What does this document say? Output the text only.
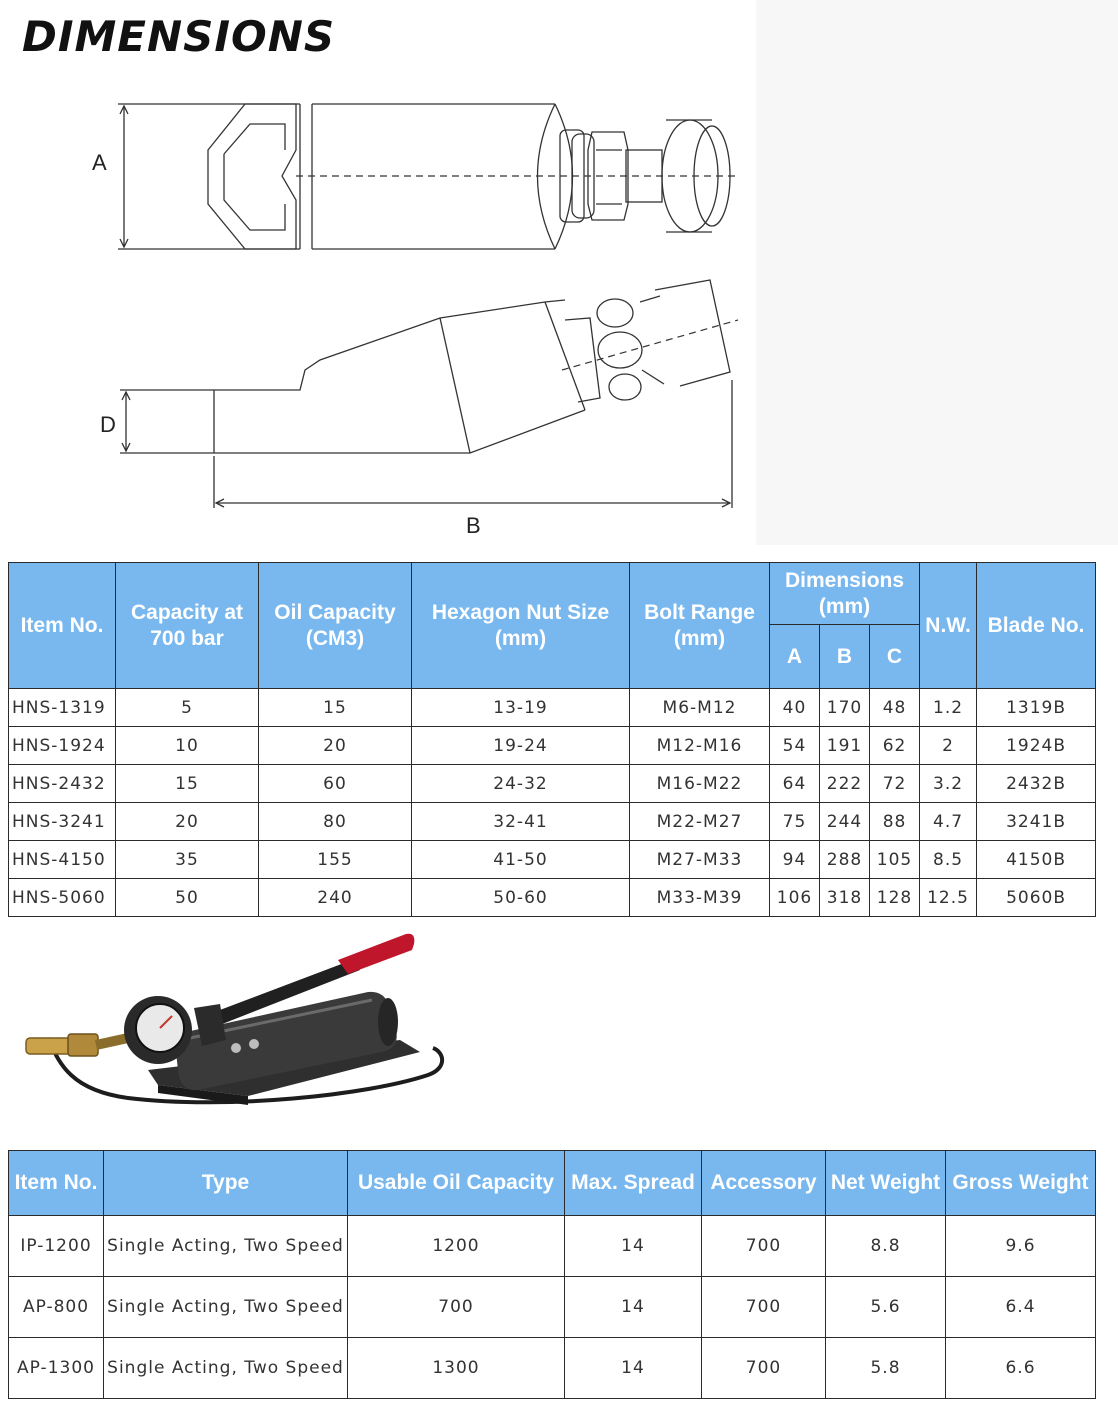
DIMENSIONS
A
D
B
Item No.	Capacity at 700 bar	Oil Capacity (CM3)	Hexagon Nut Size (mm)	Bolt Range (mm)	Dimensions (mm)			N.W.	Blade No.
					A	B	C		
HNS-1319	5	15	13-19	M6-M12	40	170	48	1.2	1319B
HNS-1924	10	20	19-24	M12-M16	54	191	62	2	1924B
HNS-2432	15	60	24-32	M16-M22	64	222	72	3.2	2432B
HNS-3241	20	80	32-41	M22-M27	75	244	88	4.7	3241B
HNS-4150	35	155	41-50	M27-M33	94	288	105	8.5	4150B
HNS-5060	50	240	50-60	M33-M39	106	318	128	12.5	5060B
Item No.	Type	Usable Oil Capacity	Max. Spread	Accessory	Net Weight	Gross Weight
IP-1200	Single Acting, Two Speed	1200	14	700	8.8	9.6
AP-800	Single Acting, Two Speed	700	14	700	5.6	6.4
AP-1300	Single Acting, Two Speed	1300	14	700	5.8	6.6
